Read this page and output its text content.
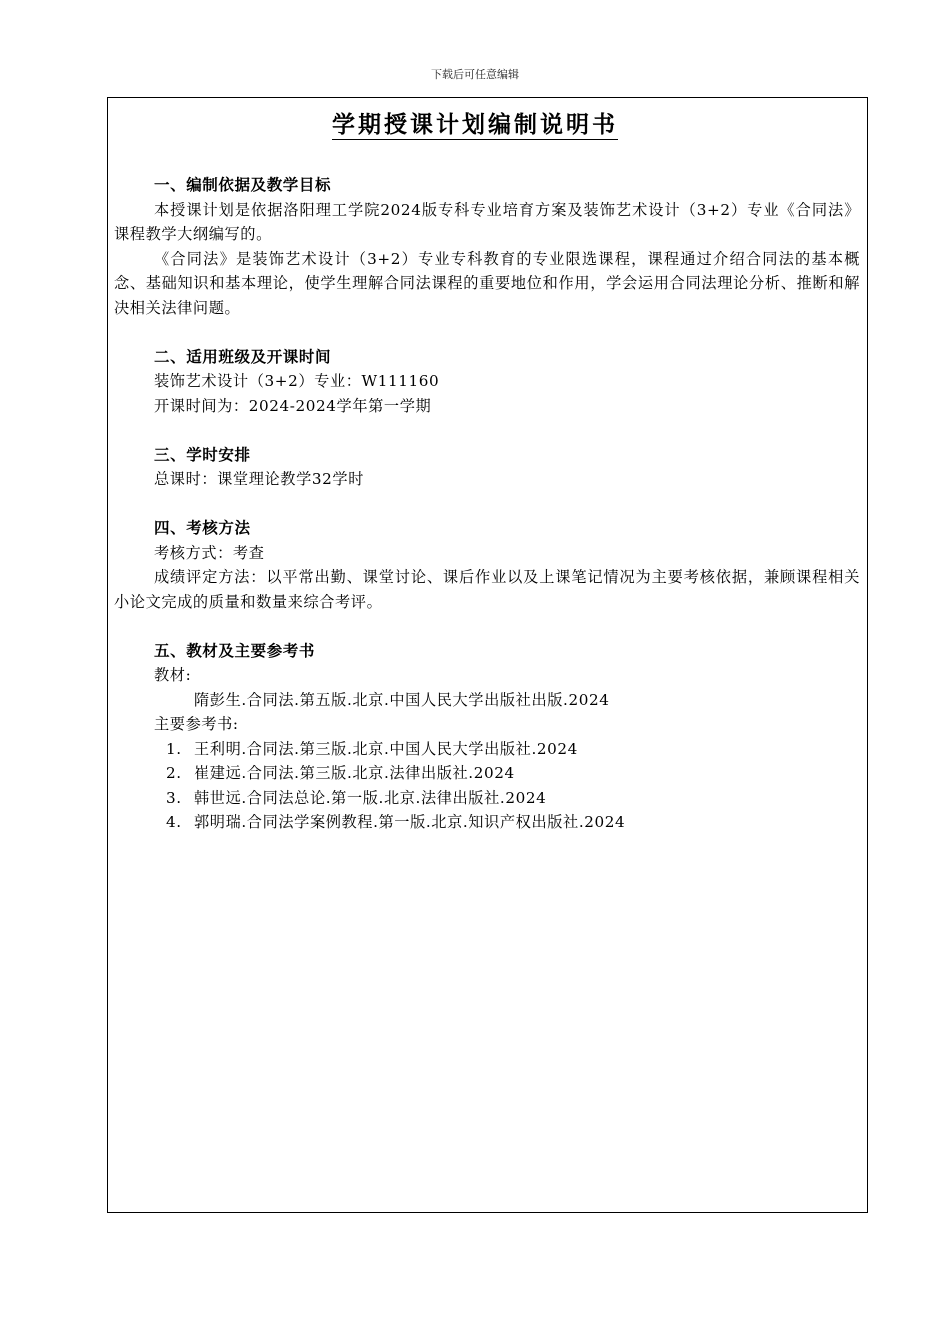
下载后可任意编辑
学期授课计划编制说明书

一、编制依据及教学目标

本授课计划是依据洛阳理工学院2024版专科专业培育方案及装饰艺术设计（3+2）专业《合同法》课程教学大纲编写的。

《合同法》是装饰艺术设计（3+2）专业专科教育的专业限选课程，课程通过介绍合同法的基本概念、基础知识和基本理论，使学生理解合同法课程的重要地位和作用，学会运用合同法理论分析、推断和解决相关法律问题。

二、适用班级及开课时间

装饰艺术设计（3+2）专业：W111160

开课时间为：2024-2024学年第一学期

三、学时安排

总课时：课堂理论教学32学时

四、考核方法

考核方式：考查

成绩评定方法：以平常出勤、课堂讨论、课后作业以及上课笔记情况为主要考核依据，兼顾课程相关小论文完成的质量和数量来综合考评。

五、教材及主要参考书

教材:

隋彭生.合同法.第五版.北京.中国人民大学出版社出版.2024

主要参考书:

1. 王利明.合同法.第三版.北京.中国人民大学出版社.2024

2. 崔建远.合同法.第三版.北京.法律出版社.2024

3. 韩世远.合同法总论.第一版.北京.法律出版社.2024

4. 郭明瑞.合同法学案例教程.第一版.北京.知识产权出版社.2024
